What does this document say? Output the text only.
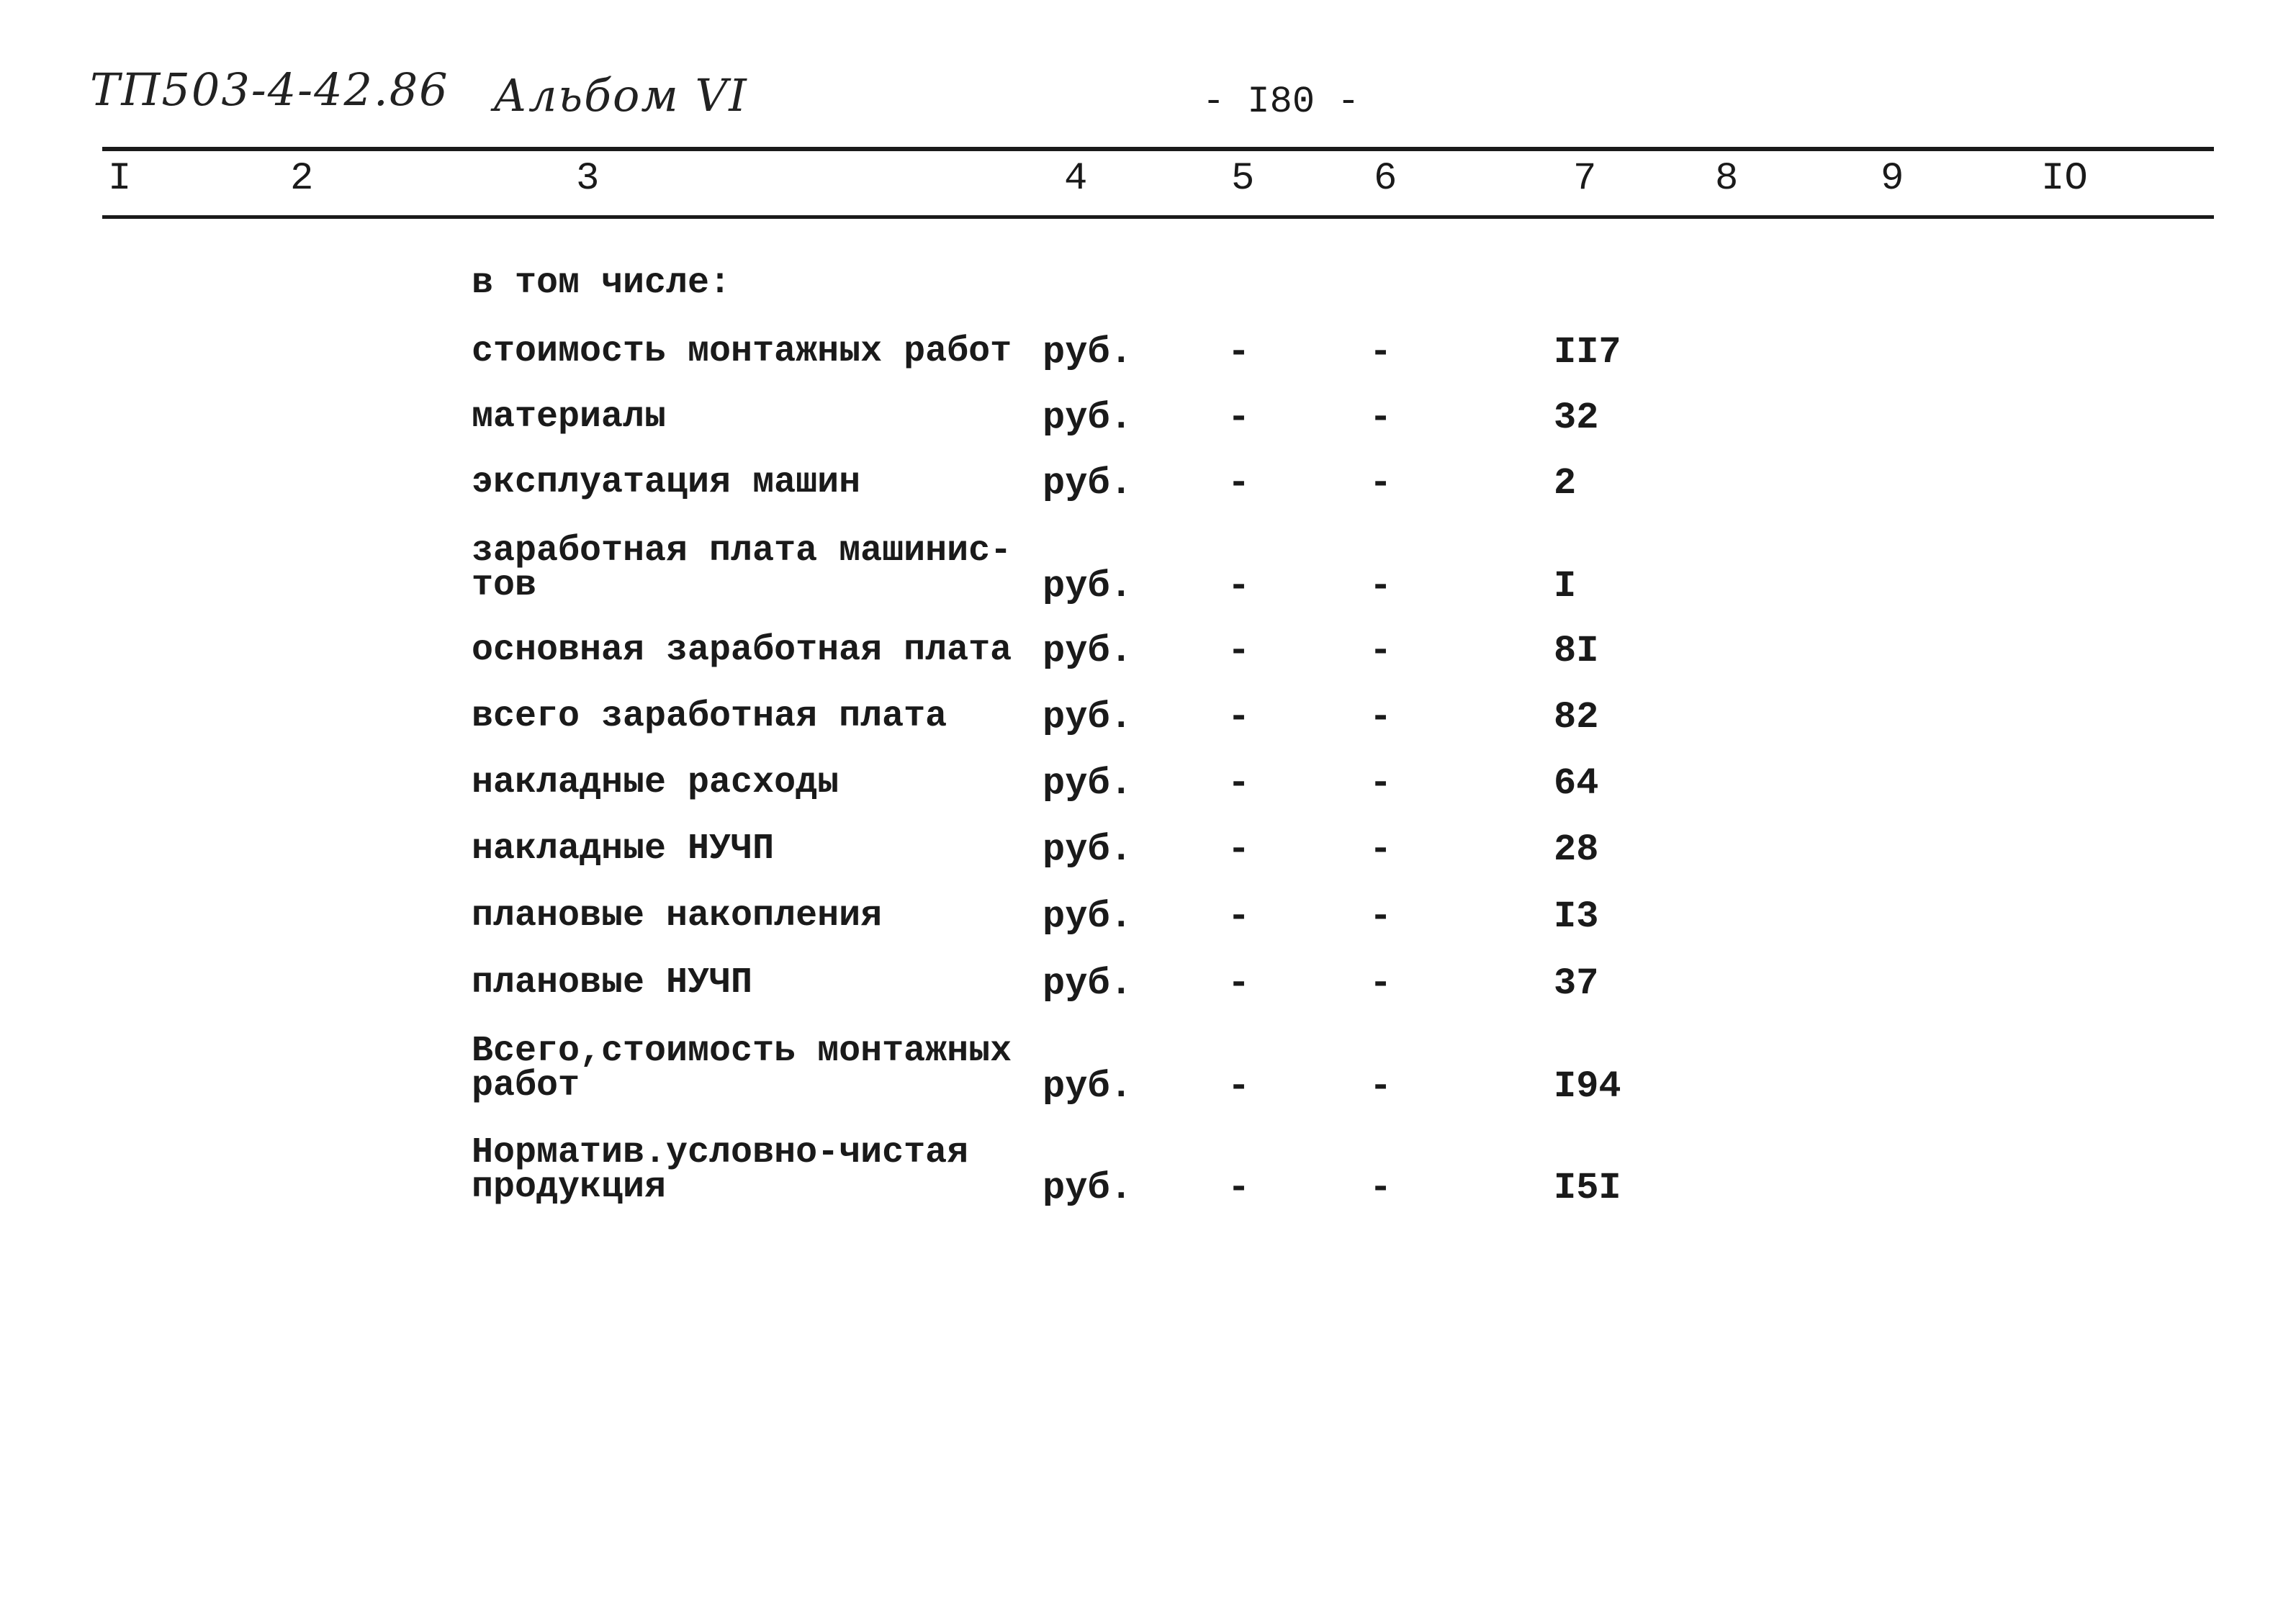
ТП503-4-42.86 Альбом VI	- I80 -
I	2	3	4	5	6	7	8	9	IO
в том числе:
стоимость монтажных работ руб.	-	-	II7
материалы	руб.	-	-	32
эксплуатация машин	руб.	-	-	2
заработная плата машинис-
тов	руб.	-	-	I
основная заработная плата руб.	-	-	8I
всего заработная плата	руб.	-	-	82
накладные расходы	руб.	-	-	64
накладные НУЧП	руб.	-	-	28
плановые накопления	руб.	-	-	I3
плановые НУЧП	руб.	-	-	37
Всего,стоимость монтажных
работ	руб.	-	-	I94
Норматив.условно-чистая
продукция	руб.	-	-	I5I
